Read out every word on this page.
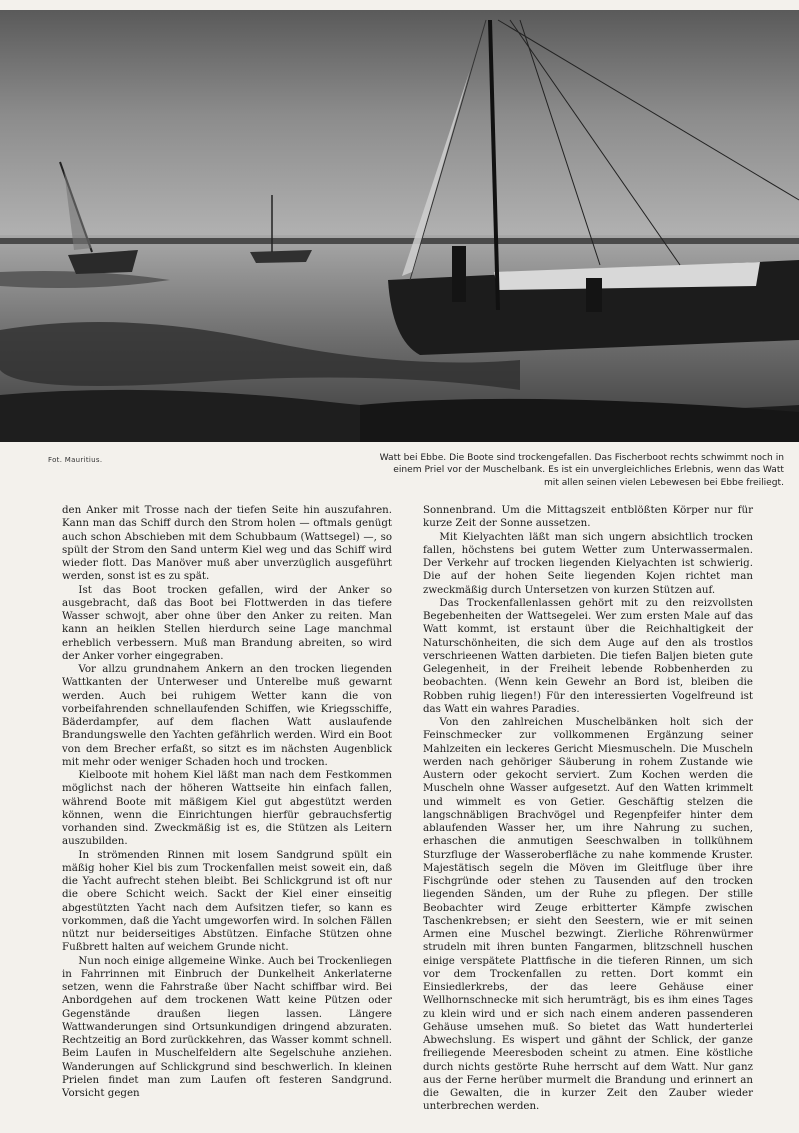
Fot. Mauritius.	Watt bei Ebbe. Die Boote sind trockengefallen. Das Fischerboot rechts schwimmt noch in

einem Priel vor der Muschelbank. Es ist ein unvergleichliches Erlebnis, wenn das Watt

mit allen seinen vielen Lebewesen bei Ebbe freiliegt.

den Anker mit Trosse nach der tiefen Seite hin auszufahren. Kann man das Schiff durch den Strom holen — oftmals genügt auch schon Abschieben mit dem Schubbaum (Wattsegel) —, so spült der Strom den Sand unterm Kiel weg und das Schiff wird wieder flott. Das Manöver muß aber unverzüglich ausgeführt werden, sonst ist es zu spät.

Ist das Boot trocken gefallen, wird der Anker so ausgebracht, daß das Boot bei Flottwerden in das tiefere Wasser schwojt, aber ohne über den Anker zu reiten. Man kann an heiklen Stellen hierdurch seine Lage manchmal erheblich verbessern. Muß man Brandung abreiten, so wird der Anker vorher eingegraben.

Vor allzu grundnahem Ankern an den trocken liegenden Wattkanten der Unterweser und Unterelbe muß gewarnt werden. Auch bei ruhigem Wetter kann die von vorbeifahrenden schnellaufenden Schiffen, wie Kriegsschiffe, Bäderdampfer, auf dem flachen Watt auslaufende Brandungswelle den Yachten gefährlich werden. Wird ein Boot von dem Brecher erfaßt, so sitzt es im nächsten Augenblick mit mehr oder weniger Schaden hoch und trocken.

Kielboote mit hohem Kiel läßt man nach dem Festkommen möglichst nach der höheren Wattseite hin einfach fallen, während Boote mit mäßigem Kiel gut abgestützt werden können, wenn die Einrichtungen hierfür gebrauchsfertig vorhanden sind. Zweckmäßig ist es, die Stützen als Leitern auszubilden.

In strömenden Rinnen mit losem Sandgrund spült ein mäßig hoher Kiel bis zum Trockenfallen meist soweit ein, daß die Yacht aufrecht stehen bleibt. Bei Schlickgrund ist oft nur die obere Schicht weich. Sackt der Kiel einer einseitig abgestützten Yacht nach dem Aufsitzen tiefer, so kann es vorkommen, daß die Yacht umgeworfen wird. In solchen Fällen nützt nur beiderseitiges Abstützen. Einfache Stützen ohne Fußbrett halten auf weichem Grunde nicht.

Nun noch einige allgemeine Winke. Auch bei Trockenliegen in Fahrrinnen mit Einbruch der Dunkelheit Ankerlaterne setzen, wenn die Fahrstraße über Nacht schiffbar wird. Bei Anbordgehen auf dem trockenen Watt keine Pützen oder Gegenstände draußen liegen lassen. Längere Wattwanderungen sind Ortsunkundigen dringend abzuraten. Rechtzeitig an Bord zurückkehren, das Wasser kommt schnell. Beim Laufen in Muschelfeldern alte Segelschuhe anziehen. Wanderungen auf Schlickgrund sind beschwerlich. In kleinen Prielen findet man zum Laufen oft festeren Sandgrund. Vorsicht gegen

Sonnenbrand. Um die Mittagszeit entblößten Körper nur für kurze Zeit der Sonne aussetzen.

Mit Kielyachten läßt man sich ungern absichtlich trocken fallen, höchstens bei gutem Wetter zum Unterwassermalen. Der Verkehr auf trocken liegenden Kielyachten ist schwierig. Die auf der hohen Seite liegenden Kojen richtet man zweckmäßig durch Untersetzen von kurzen Stützen auf.

Das Trockenfallenlassen gehört mit zu den reizvollsten Begebenheiten der Wattsegelei. Wer zum ersten Male auf das Watt kommt, ist erstaunt über die Reichhaltigkeit der Naturschönheiten, die sich dem Auge auf den als trostlos verschrieenen Watten darbieten. Die tiefen Baljen bieten gute Gelegenheit, in der Freiheit lebende Robbenherden zu beobachten. (Wenn kein Gewehr an Bord ist, bleiben die Robben ruhig liegen!) Für den interessierten Vogelfreund ist das Watt ein wahres Paradies.

Von den zahlreichen Muschelbänken holt sich der Feinschmecker zur vollkommenen Ergänzung seiner Mahlzeiten ein leckeres Gericht Miesmuscheln. Die Muscheln werden nach gehöriger Säuberung in rohem Zustande wie Austern oder gekocht serviert. Zum Kochen werden die Muscheln ohne Wasser aufgesetzt. Auf den Watten krimmelt und wimmelt es von Getier. Geschäftig stelzen die langschnäbligen Brachvögel und Regenpfeifer hinter dem ablaufenden Wasser her, um ihre Nahrung zu suchen, erhaschen die anmutigen Seeschwalben in tollkühnem Sturzfluge der Wasseroberfläche zu nahe kommende Kruster. Majestätisch segeln die Möven im Gleitfluge über ihre Fischgründe oder stehen zu Tausenden auf den trocken liegenden Sänden, um der Ruhe zu pflegen. Der stille Beobachter wird Zeuge erbitterter Kämpfe zwischen Taschenkrebsen; er sieht den Seestern, wie er mit seinen Armen eine Muschel bezwingt. Zierliche Röhrenwürmer strudeln mit ihren bunten Fangarmen, blitzschnell huschen einige verspätete Plattfische in die tieferen Rinnen, um sich vor dem Trockenfallen zu retten. Dort kommt ein Einsiedlerkrebs, der das leere Gehäuse einer Wellhornschnecke mit sich herumträgt, bis es ihm eines Tages zu klein wird und er sich nach einem anderen passenderen Gehäuse umsehen muß. So bietet das Watt hunderterlei Abwechslung. Es wispert und gähnt der Schlick, der ganze freiliegende Meeresboden scheint zu atmen. Eine köstliche durch nichts gestörte Ruhe herrscht auf dem Watt. Nur ganz aus der Ferne herüber murmelt die Brandung und erinnert an die Gewalten, die in kurzer Zeit den Zauber wieder unterbrechen werden.
